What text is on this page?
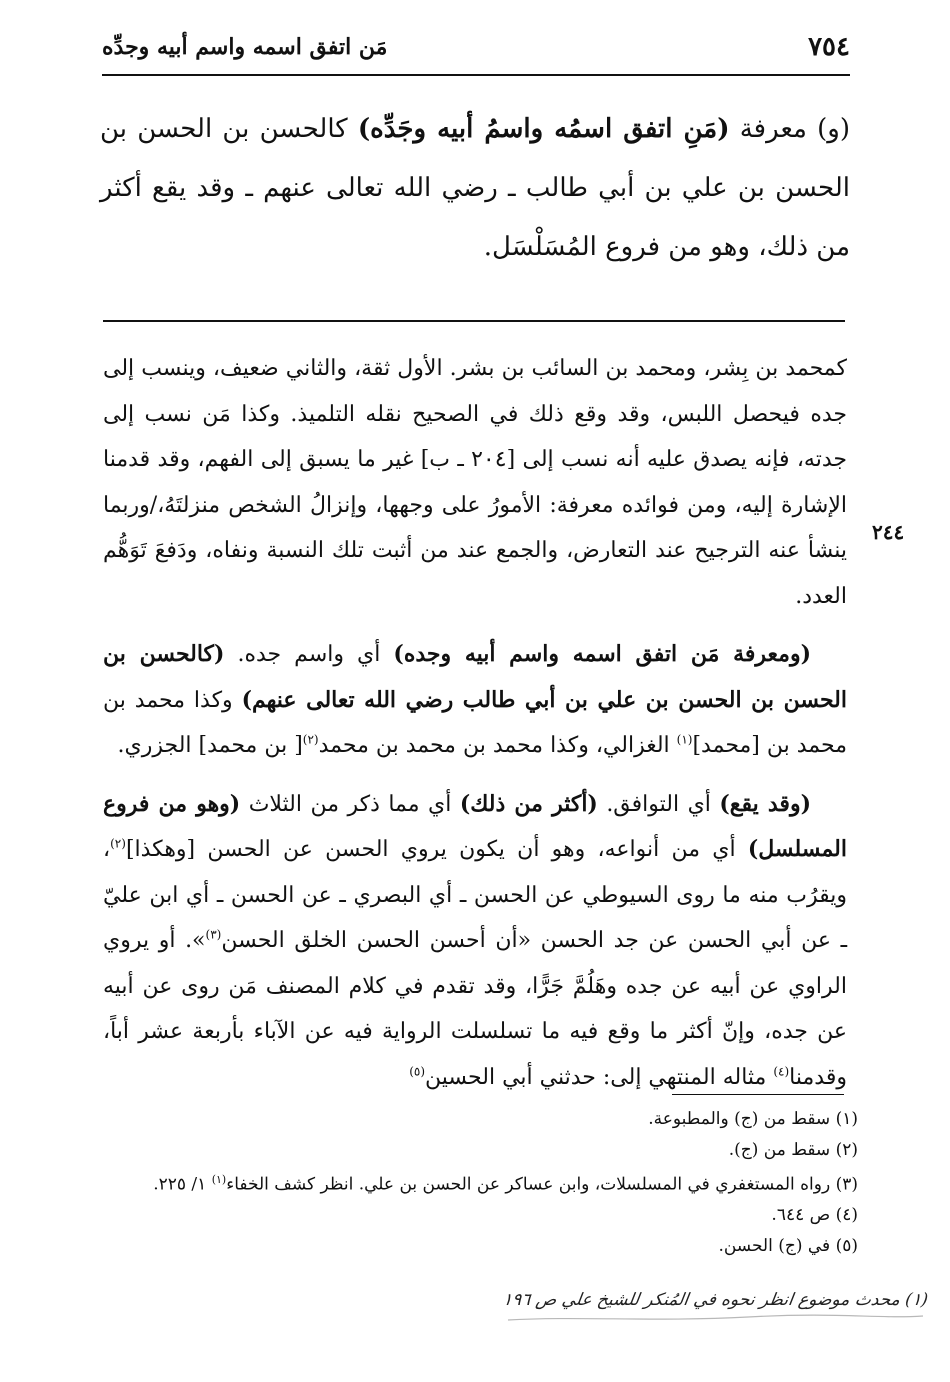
٧٥٤
مَن اتفق اسمه واسم أبيه وجدِّه
(و) معرفة (مَنِ اتفق اسمُه واسمُ أبيه وجَدِّه) كالحسن بن الحسن بن الحسن بن علي بن أبي طالب ـ رضي الله تعالى عنهم ـ وقد يقع أكثر من ذلك، وهو من فروع المُسَلْسَل.
٢٤٤

كمحمد بن بِشر، ومحمد بن السائب بن بشر. الأول ثقة، والثاني ضعيف، وينسب إلى جده فيحصل اللبس، وقد وقع ذلك في الصحيح نقله التلميذ. وكذا مَن نسب إلى جدته، فإنه يصدق عليه أنه نسب إلى [٢٠٤ ـ ب] غير ما يسبق إلى الفهم، وقد قدمنا الإشارة إليه، ومن فوائده معرفة: الأمورُ على وجهها، وإنزالُ الشخص منزلتَهُ،/وربما ينشأ عنه الترجيح عند التعارض، والجمع عند من أثبت تلك النسبة ونفاه، ودَفعَ تَوَهُّم العدد.

(ومعرفة مَن اتفق اسمه واسم أبيه وجده) أي واسم جده. (كالحسن بن الحسن بن الحسن بن علي بن أبي طالب رضي الله تعالى عنهم) وكذا محمد بن محمد بن [محمد]$^{(١)}$ الغزالي، وكذا محمد بن محمد بن محمد$^{(٢)}$[ بن محمد] الجزري.

(وقد يقع) أي التوافق. (أكثر من ذلك) أي مما ذكر من الثلاث (وهو من فروع المسلسل) أي من أنواعه، وهو أن يكون يروي الحسن عن الحسن [وهكذا]$^{(٢)}$، ويقرُب منه ما روى السيوطي عن الحسن ـ أي البصري ـ عن الحسن ـ أي ابن عليّ ـ عن أبي الحسن عن جد الحسن «أن أحسن الحسن الخلق الحسن$^{(٣)}$». أو يروي الراوي عن أبيه عن جده وهَلُمَّ جَرًّا، وقد تقدم في كلام المصنف مَن روى عن أبيه عن جده، وإنّ أكثر ما وقع فيه ما تسلسلت الرواية فيه عن الآباء بأربعة عشر أباً، وقدمنا$^{(٤)}$ مثاله المنتهي إلى: حدثني أبي الحسين$^{(٥)}$

(١) سقط من (ج) والمطبوعة.
(٢) سقط من (ج).
(٣) رواه المستغفري في المسلسلات، وابن عساكر عن الحسن بن علي. انظر كشف الخفاء$^{(١)}$ ١/ ٢٢٥.
(٤) ص ٦٤٤.
(٥) في (ج) الحسن.
(١) محدث موضوع انظر نحوه في المُنكر للشيخ علي ص ١٩٦
